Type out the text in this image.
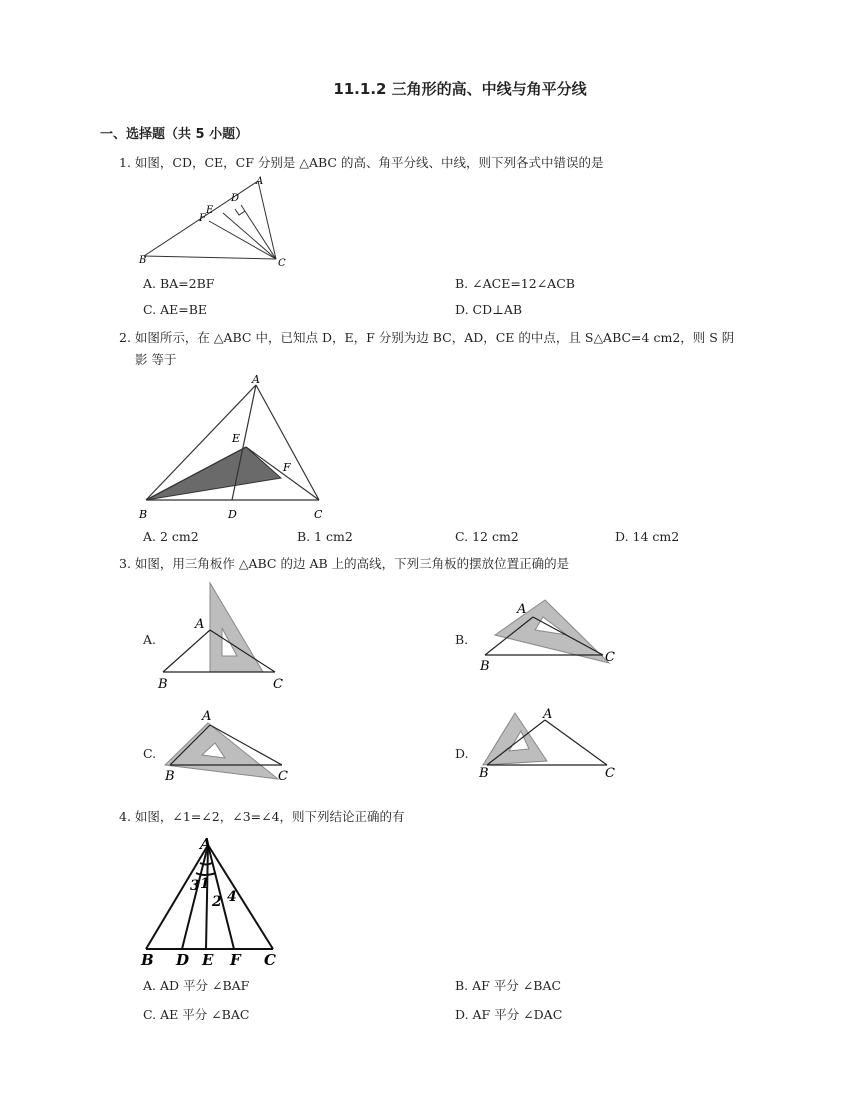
11.1.2 三角形的高、中线与角平分线
一、选择题（共 5 小题）
1. 如图，CD，CE，CF 分别是 △ABC 的高、角平分线、中线，则下列各式中错误的是
A
D
E
F
B	C
A. BA=2BF	B. ∠ACE=12∠ACB
C. AE=BE	D. CD⊥AB
2. 如图所示，在 △ABC 中，已知点 D，E，F 分别为边 BC，AD，CE 的中点，且 S△ABC=4 cm2，则 S 阴
影 等于
A
E
F
B	D	C
A. 2 cm2	B. 1 cm2	C. 12 cm2	D. 14 cm2
3. 如图，用三角板作 △ABC 的边 AB 上的高线，下列三角板的摆放位置正确的是
A.
A
B	C
B.
A
B
C
C.
A
B	C
D.
A
B	C
4. 如图，∠1=∠2，∠3=∠4，则下列结论正确的有
A
3 1
2 4
B D E F C
A. AD 平分 ∠BAF	B. AF 平分 ∠BAC
C. AE 平分 ∠BAC	D. AF 平分 ∠DAC
